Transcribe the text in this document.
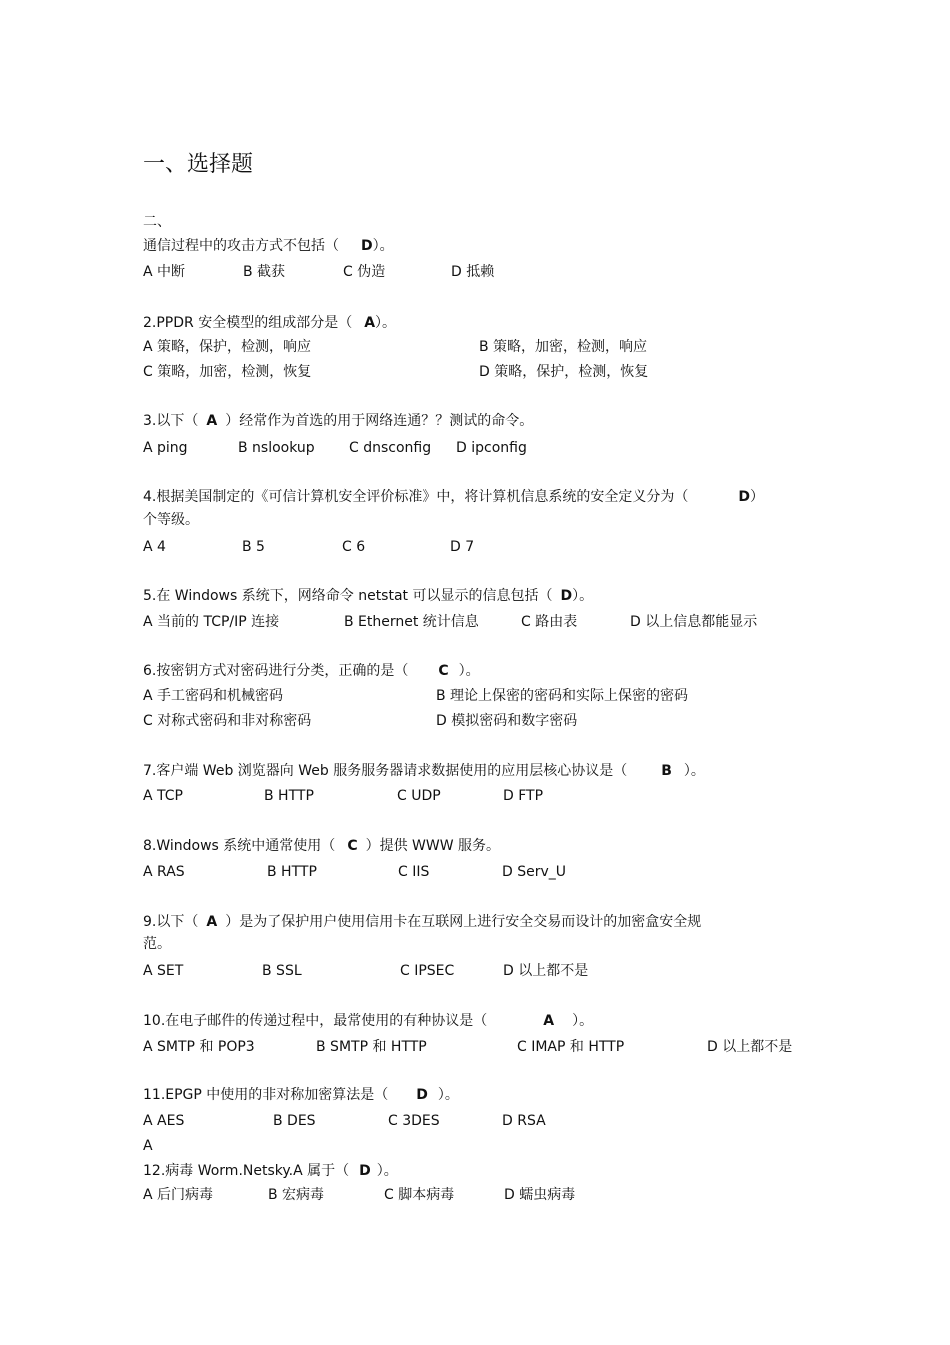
一、选择题
二、
通信过程中的攻击方式不包括（ D）。
A 中断	B 截获	C 伪造	D 抵赖
2.PPDR 安全模型的组成部分是（ A）。
A 策略，保护，检测，响应	B 策略，加密，检测，响应
C 策略，加密，检测，恢复	D 策略，保护，检测，恢复
3.以下（ A ）经常作为首选的用于网络连通？？测试的命令。
A ping	B nslookup C dnsconfig D ipconfig
4.根据美国制定的《可信计算机安全评价标准》中，将计算机信息系统的安全定义分为（	D）
个等级。
A 4	B 5	C 6	D 7
5.在 Windows 系统下，网络命令 netstat 可以显示的信息包括（ D）。
A 当前的 TCP/IP 连接	B Ethernet 统计信息	C 路由表	D 以上信息都能显示
6.按密钥方式对密码进行分类，正确的是（ C ）。
A 手工密码和机械密码	B 理论上保密的密码和实际上保密的密码
C 对称式密码和非对称密码	D 模拟密码和数字密码
7.客户端 Web 浏览器向 Web 服务服务器请求数据使用的应用层核心协议是（ B ）。
A TCP	B HTTP	C UDP	D FTP
8.Windows 系统中通常使用（ C ）提供 WWW 服务。
A RAS	B HTTP	C IIS	D Serv_U
9.以下（ A ）是为了保护用户使用信用卡在互联网上进行安全交易而设计的加密盒安全规
范。
A SET	B SSL	C IPSEC	D 以上都不是
10.在电子邮件的传递过程中，最常使用的有种协议是（	A ）。
A SMTP 和 POP3	B SMTP 和 HTTP	C IMAP 和 HTTP	D 以上都不是
11.EPGP 中使用的非对称加密算法是（ D ）。
A AES	B DES	C 3DES	D RSA
A
12.病毒 Worm.Netsky.A 属于（ D ）。
A 后门病毒	B 宏病毒	C 脚本病毒	D 蠕虫病毒
